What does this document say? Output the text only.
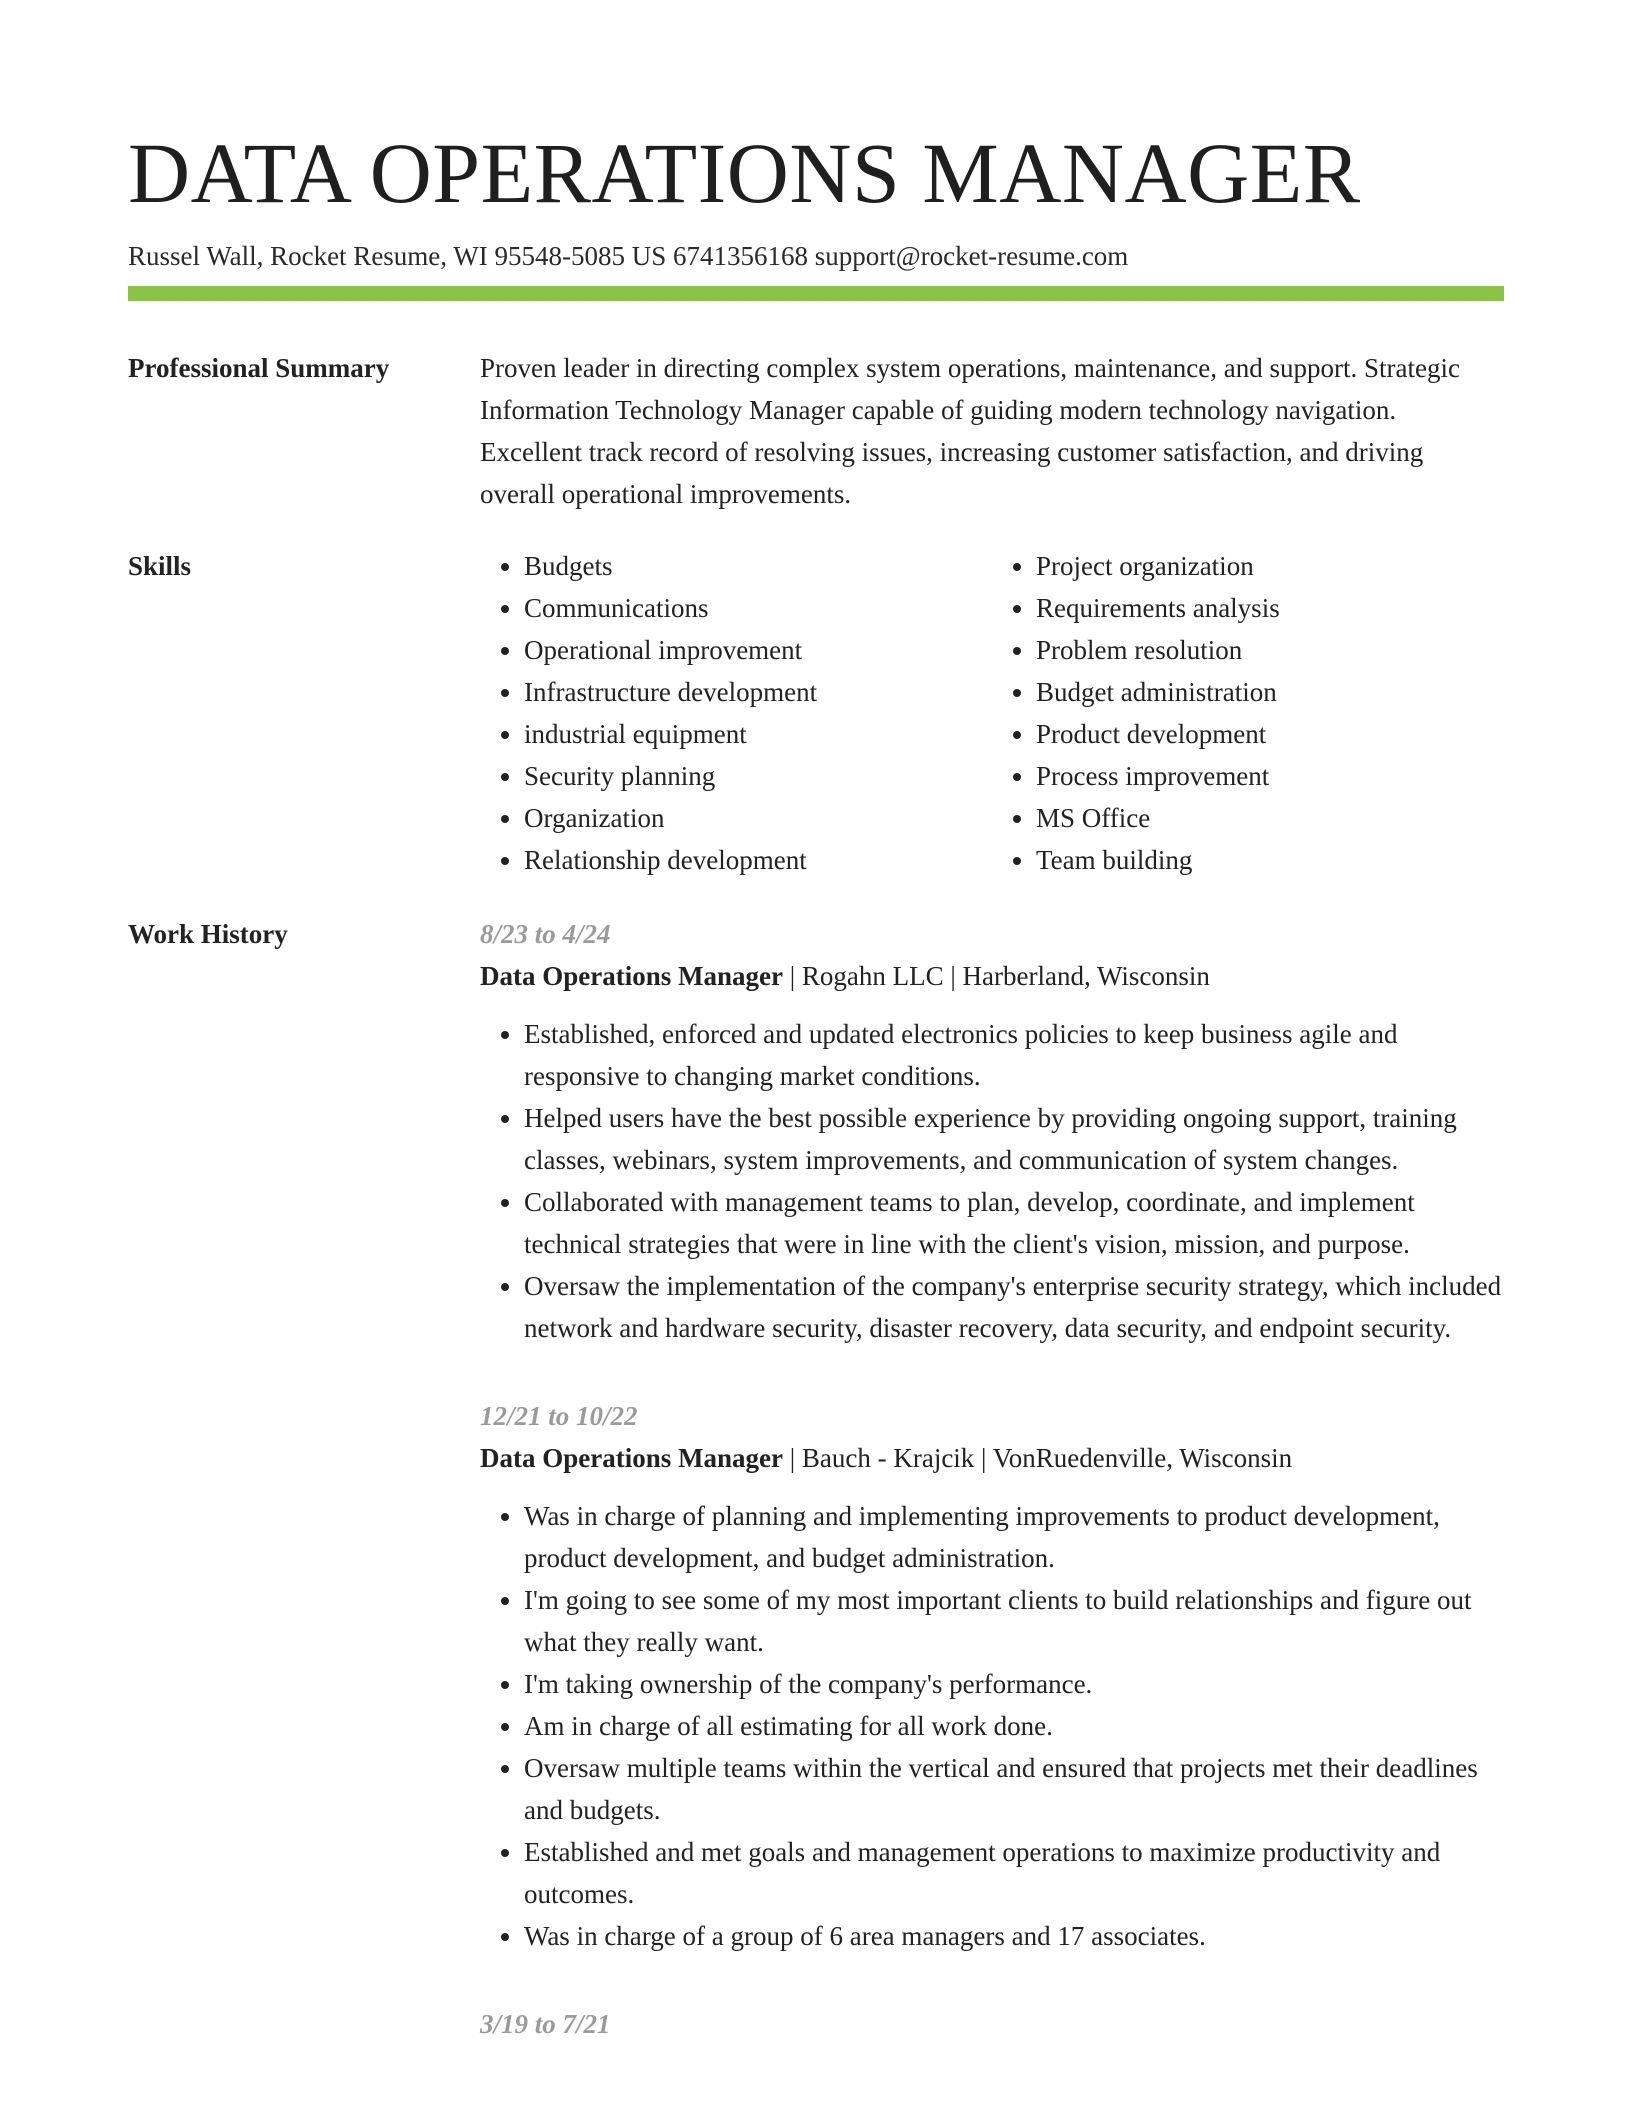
DATA OPERATIONS MANAGER
Russel Wall, Rocket Resume, WI 95548-5085 US 6741356168 support@rocket-resume.com
Professional Summary	Proven leader in directing complex system operations, maintenance, and support. Strategic Information Technology Manager capable of guiding modern technology navigation. Excellent track record of resolving issues, increasing customer satisfaction, and driving overall operational improvements.

Skills
•	Budgets
• Communications
• Operational improvement
• Infrastructure development
• industrial equipment
• Security planning
• Organization
• Relationship development
• Project organization
• Requirements analysis
• Problem resolution
• Budget administration
• Product development
• Process improvement
• MS Office
• Team building
Work History	8/23 to 4/24
Data Operations Manager | Rogahn LLC | Harberland, Wisconsin
• Established, enforced and updated electronics policies to keep business agile and responsive to changing market conditions.
• Helped users have the best possible experience by providing ongoing support, training classes, webinars, system improvements, and communication of system changes.
• Collaborated with management teams to plan, develop, coordinate, and implement technical strategies that were in line with the client's vision, mission, and purpose.
• Oversaw the implementation of the company's enterprise security strategy, which included network and hardware security, disaster recovery, data security, and endpoint security.
12/21 to 10/22
Data Operations Manager | Bauch - Krajcik | VonRuedenville, Wisconsin
• Was in charge of planning and implementing improvements to product development, product development, and budget administration.
• I'm going to see some of my most important clients to build relationships and figure out what they really want.
• I'm taking ownership of the company's performance.
• Am in charge of all estimating for all work done.
• Oversaw multiple teams within the vertical and ensured that projects met their deadlines and budgets.
• Established and met goals and management operations to maximize productivity and outcomes.
• Was in charge of a group of 6 area managers and 17 associates.
3/19 to 7/21
